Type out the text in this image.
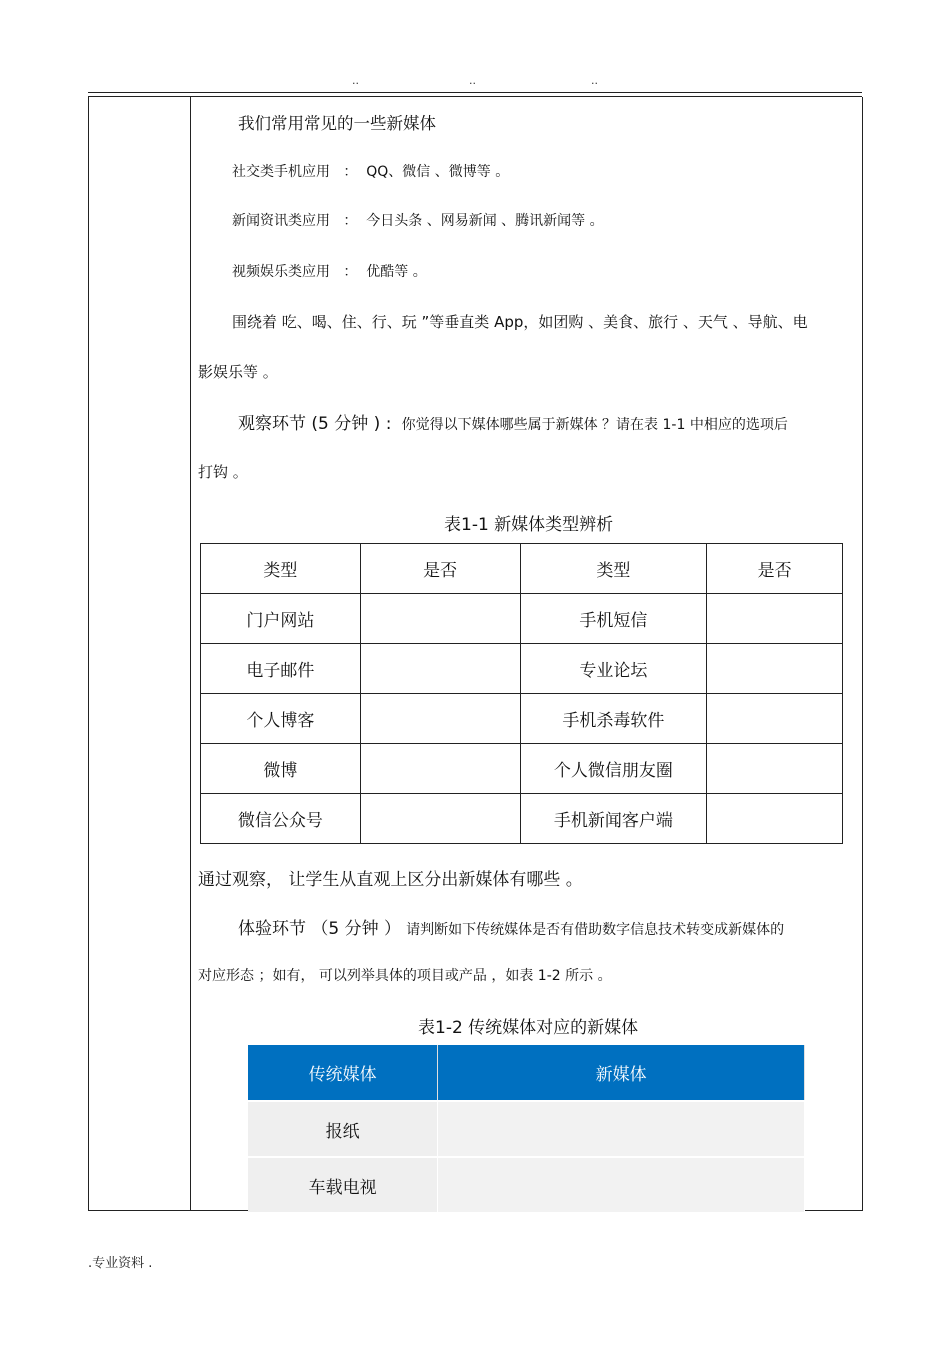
..	..	..
我们常用常见的一些新媒体
社交类手机应用 ： QQ、微信 、微博等 。
新闻资讯类应用 ： 今日头条 、网易新闻 、腾讯新闻等 。
视频娱乐类应用 ： 优酷等 。
围绕着 吃、喝、住、行、玩 ”等垂直类 App，如团购 、美食、旅行 、天气 、导航、电
影娱乐等 。
观察环节 (5 分钟 ) : 你觉得以下媒体哪些属于新媒体 ？请在表 1-1 中相应的选项后
打钩 。
表1-1 新媒体类型辨析
类型	是否	类型	是否
门户网站		手机短信	
电子邮件		专业论坛	
个人博客		手机杀毒软件	
微博		个人微信朋友圈	
微信公众号		手机新闻客户端	
通过观察， 让学生从直观上区分出新媒体有哪些 。
体验环节 （5 分钟 ） 请判断如下传统媒体是否有借助数字信息技术转变成新媒体的
对应形态 ；如有， 可以列举具体的项目或产品 ，如表 1-2 所示 。
表1-2 传统媒体对应的新媒体
传统媒体	新媒体
报纸	
车载电视	
.专业资料 .
